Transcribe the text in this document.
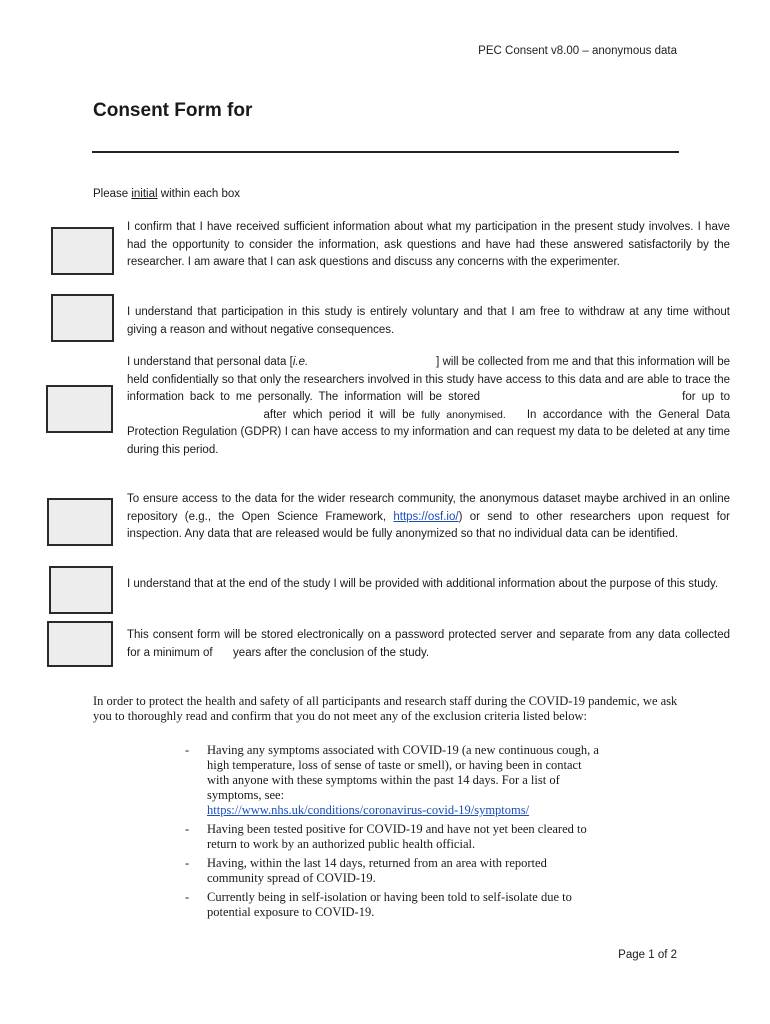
PEC Consent v8.00 – anonymous data
Consent Form for
Please initial within each box

I confirm that I have received sufficient information about what my participation in the present study involves. I have had the opportunity to consider the information, ask questions and have had these answered satisfactorily by the researcher. I am aware that I can ask questions and discuss any concerns with the experimenter.

I understand that participation in this study is entirely voluntary and that I am free to withdraw at any time without giving a reason and without negative consequences.

I understand that personal data [i.e.	] will be collected from me and that this information will be held confidentially so that only the researchers involved in this study have access to this data and are able to trace the information back to me personally. The information will be stored	for up to  after which period it will be fully anonymised. In accordance with the General Data Protection Regulation (GDPR) I can have access to my information and can request my data to be deleted at any time during this period.

To ensure access to the data for the wider research community, the anonymous dataset maybe archived in an online repository (e.g., the Open Science Framework, https://osf.io/) or send to other researchers upon request for inspection. Any data that are released would be fully anonymized so that no individual data can be identified.

I understand that at the end of the study I will be provided with additional information about the purpose of this study.

This consent form will be stored electronically on a password protected server and separate from any data collected for a minimum of years after the conclusion of the study.

In order to protect the health and safety of all participants and research staff during the COVID-19 pandemic, we ask you to thoroughly read and confirm that you do not meet any of the exclusion criteria listed below:

- Having any symptoms associated with COVID-19 (a new continuous cough, a high temperature, loss of sense of taste or smell), or having been in contact with anyone with these symptoms within the past 14 days. For a list of symptoms, see:
https://www.nhs.uk/conditions/coronavirus-covid-19/symptoms/
- Having been tested positive for COVID-19 and have not yet been cleared to return to work by an authorized public health official.
- Having, within the last 14 days, returned from an area with reported community spread of COVID-19.
- Currently being in self-isolation or having been told to self-isolate due to potential exposure to COVID-19.
Page 1 of 2
